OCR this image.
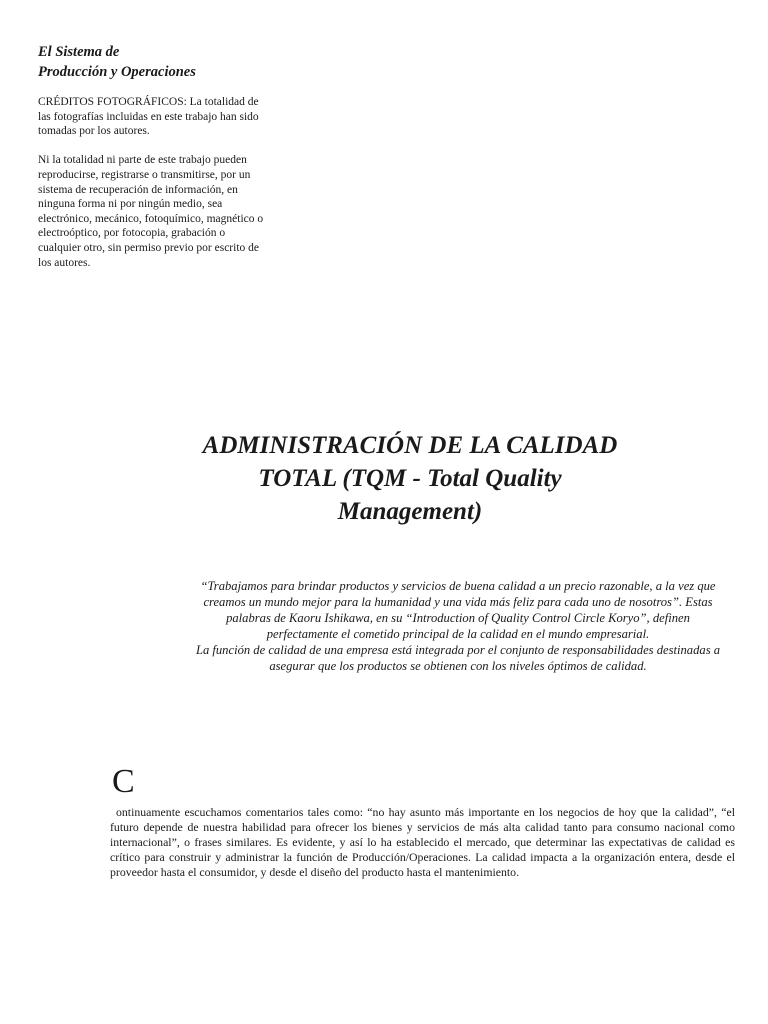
El Sistema de
Producción y Operaciones

CRÉDITOS FOTOGRÁFICOS: La totalidad de las fotografías incluidas en este trabajo han sido tomadas por los autores.

Ni la totalidad ni parte de este trabajo pueden reproducirse, registrarse o transmitirse, por un sistema de recuperación de información, en ninguna forma ni por ningún medio, sea electrónico, mecánico, fotoquímico, magnético o electroóptico, por fotocopia, grabación o cualquier otro, sin permiso previo por escrito de los autores.

ADMINISTRACIÓN DE LA CALIDAD
TOTAL (TQM - Total Quality
Management)

“Trabajamos para brindar productos y servicios de buena calidad a un precio razonable, a la vez que creamos un mundo mejor para la humanidad y una vida más feliz para cada uno de nosotros”. Estas palabras de Kaoru Ishikawa, en su “Introduction of Quality Control Circle Koryo”, definen perfectamente el cometido principal de la calidad en el mundo empresarial.

La función de calidad de una empresa está integrada por el conjunto de responsabilidades destinadas a asegurar que los productos se obtienen con los niveles óptimos de calidad.

C

ontinuamente escuchamos comentarios tales como: “no hay asunto más importante en los negocios de hoy que la calidad”, “el futuro depende de nuestra habilidad para ofrecer los bienes y servicios de más alta calidad tanto para consumo nacional como internacional”, o frases similares. Es evidente, y así lo ha establecido el mercado, que determinar las expectativas de calidad es crítico para construir y administrar la función de Producción/Operaciones. La calidad impacta a la organización entera, desde el proveedor hasta el consumidor, y desde el diseño del producto hasta el mantenimiento.
